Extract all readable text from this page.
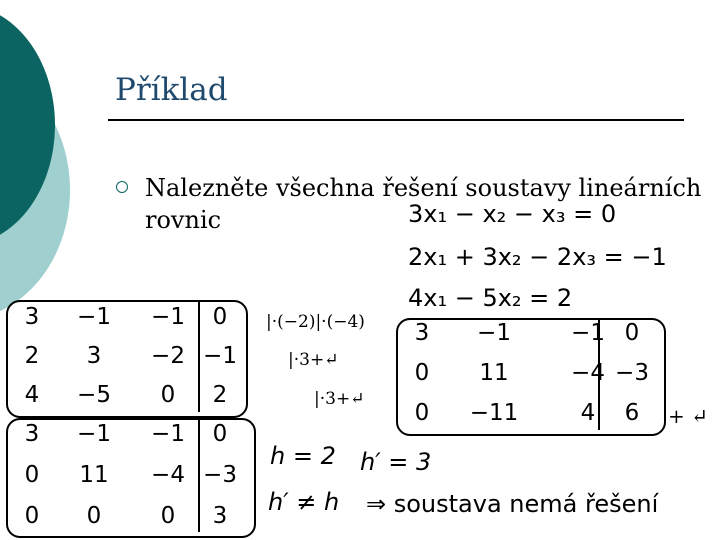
Příklad
Nalezněte všechna řešení soustavy lineárních rovnic	3x₁ − x₂ − x₃ = 0
2x₁ + 3x₂ − 2x₃ = −1
4x₁ − 5x₂ = 2
3	−1	−1	0
2	3	−2 −1
4	−5	0	2
|·(−2)|·(−4)
|·3+↵
|·3+↵
3	−1	−1 0
0	11	−4 −3
0	−11	4	6	+ ↵
3	−1	−1	0
0	11	−4 −3
0	0	0	3
h = 2 h′ = 3
h′ ≠ h ⇒ soustava nemá řešení
